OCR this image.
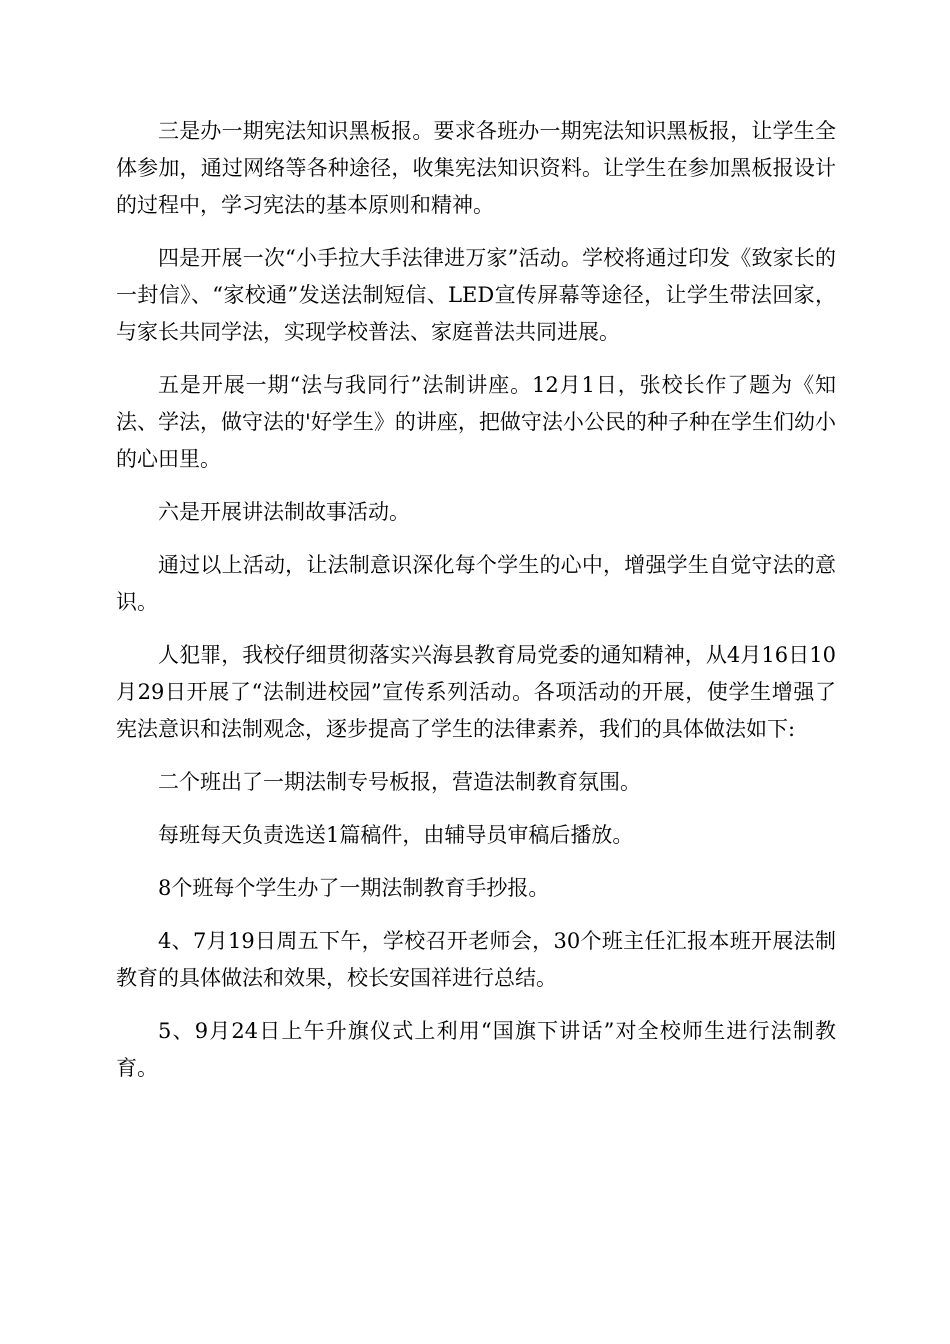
三是办一期宪法知识黑板报。要求各班办一期宪法知识黑板报，让学生全体参加，通过网络等各种途径，收集宪法知识资料。让学生在参加黑板报设计的过程中，学习宪法的基本原则和精神。

四是开展一次“小手拉大手法律进万家”活动。学校将通过印发《致家长的一封信》、“家校通”发送法制短信、LED宣传屏幕等途径，让学生带法回家，与家长共同学法，实现学校普法、家庭普法共同进展。

五是开展一期“法与我同行”法制讲座。12月1日，张校长作了题为《知法、学法，做守法的'好学生》的讲座，把做守法小公民的种子种在学生们幼小的心田里。

六是开展讲法制故事活动。

通过以上活动，让法制意识深化每个学生的心中，增强学生自觉守法的意识。

人犯罪，我校仔细贯彻落实兴海县教育局党委的通知精神，从4月16日10月29日开展了“法制进校园”宣传系列活动。各项活动的开展，使学生增强了宪法意识和法制观念，逐步提高了学生的法律素养，我们的具体做法如下:

二个班出了一期法制专号板报，营造法制教育氛围。

每班每天负责选送1篇稿件，由辅导员审稿后播放。

8个班每个学生办了一期法制教育手抄报。

4、7月19日周五下午，学校召开老师会，30个班主任汇报本班开展法制教育的具体做法和效果，校长安国祥进行总结。

5、9月24日上午升旗仪式上利用“国旗下讲话”对全校师生进行法制教育。
